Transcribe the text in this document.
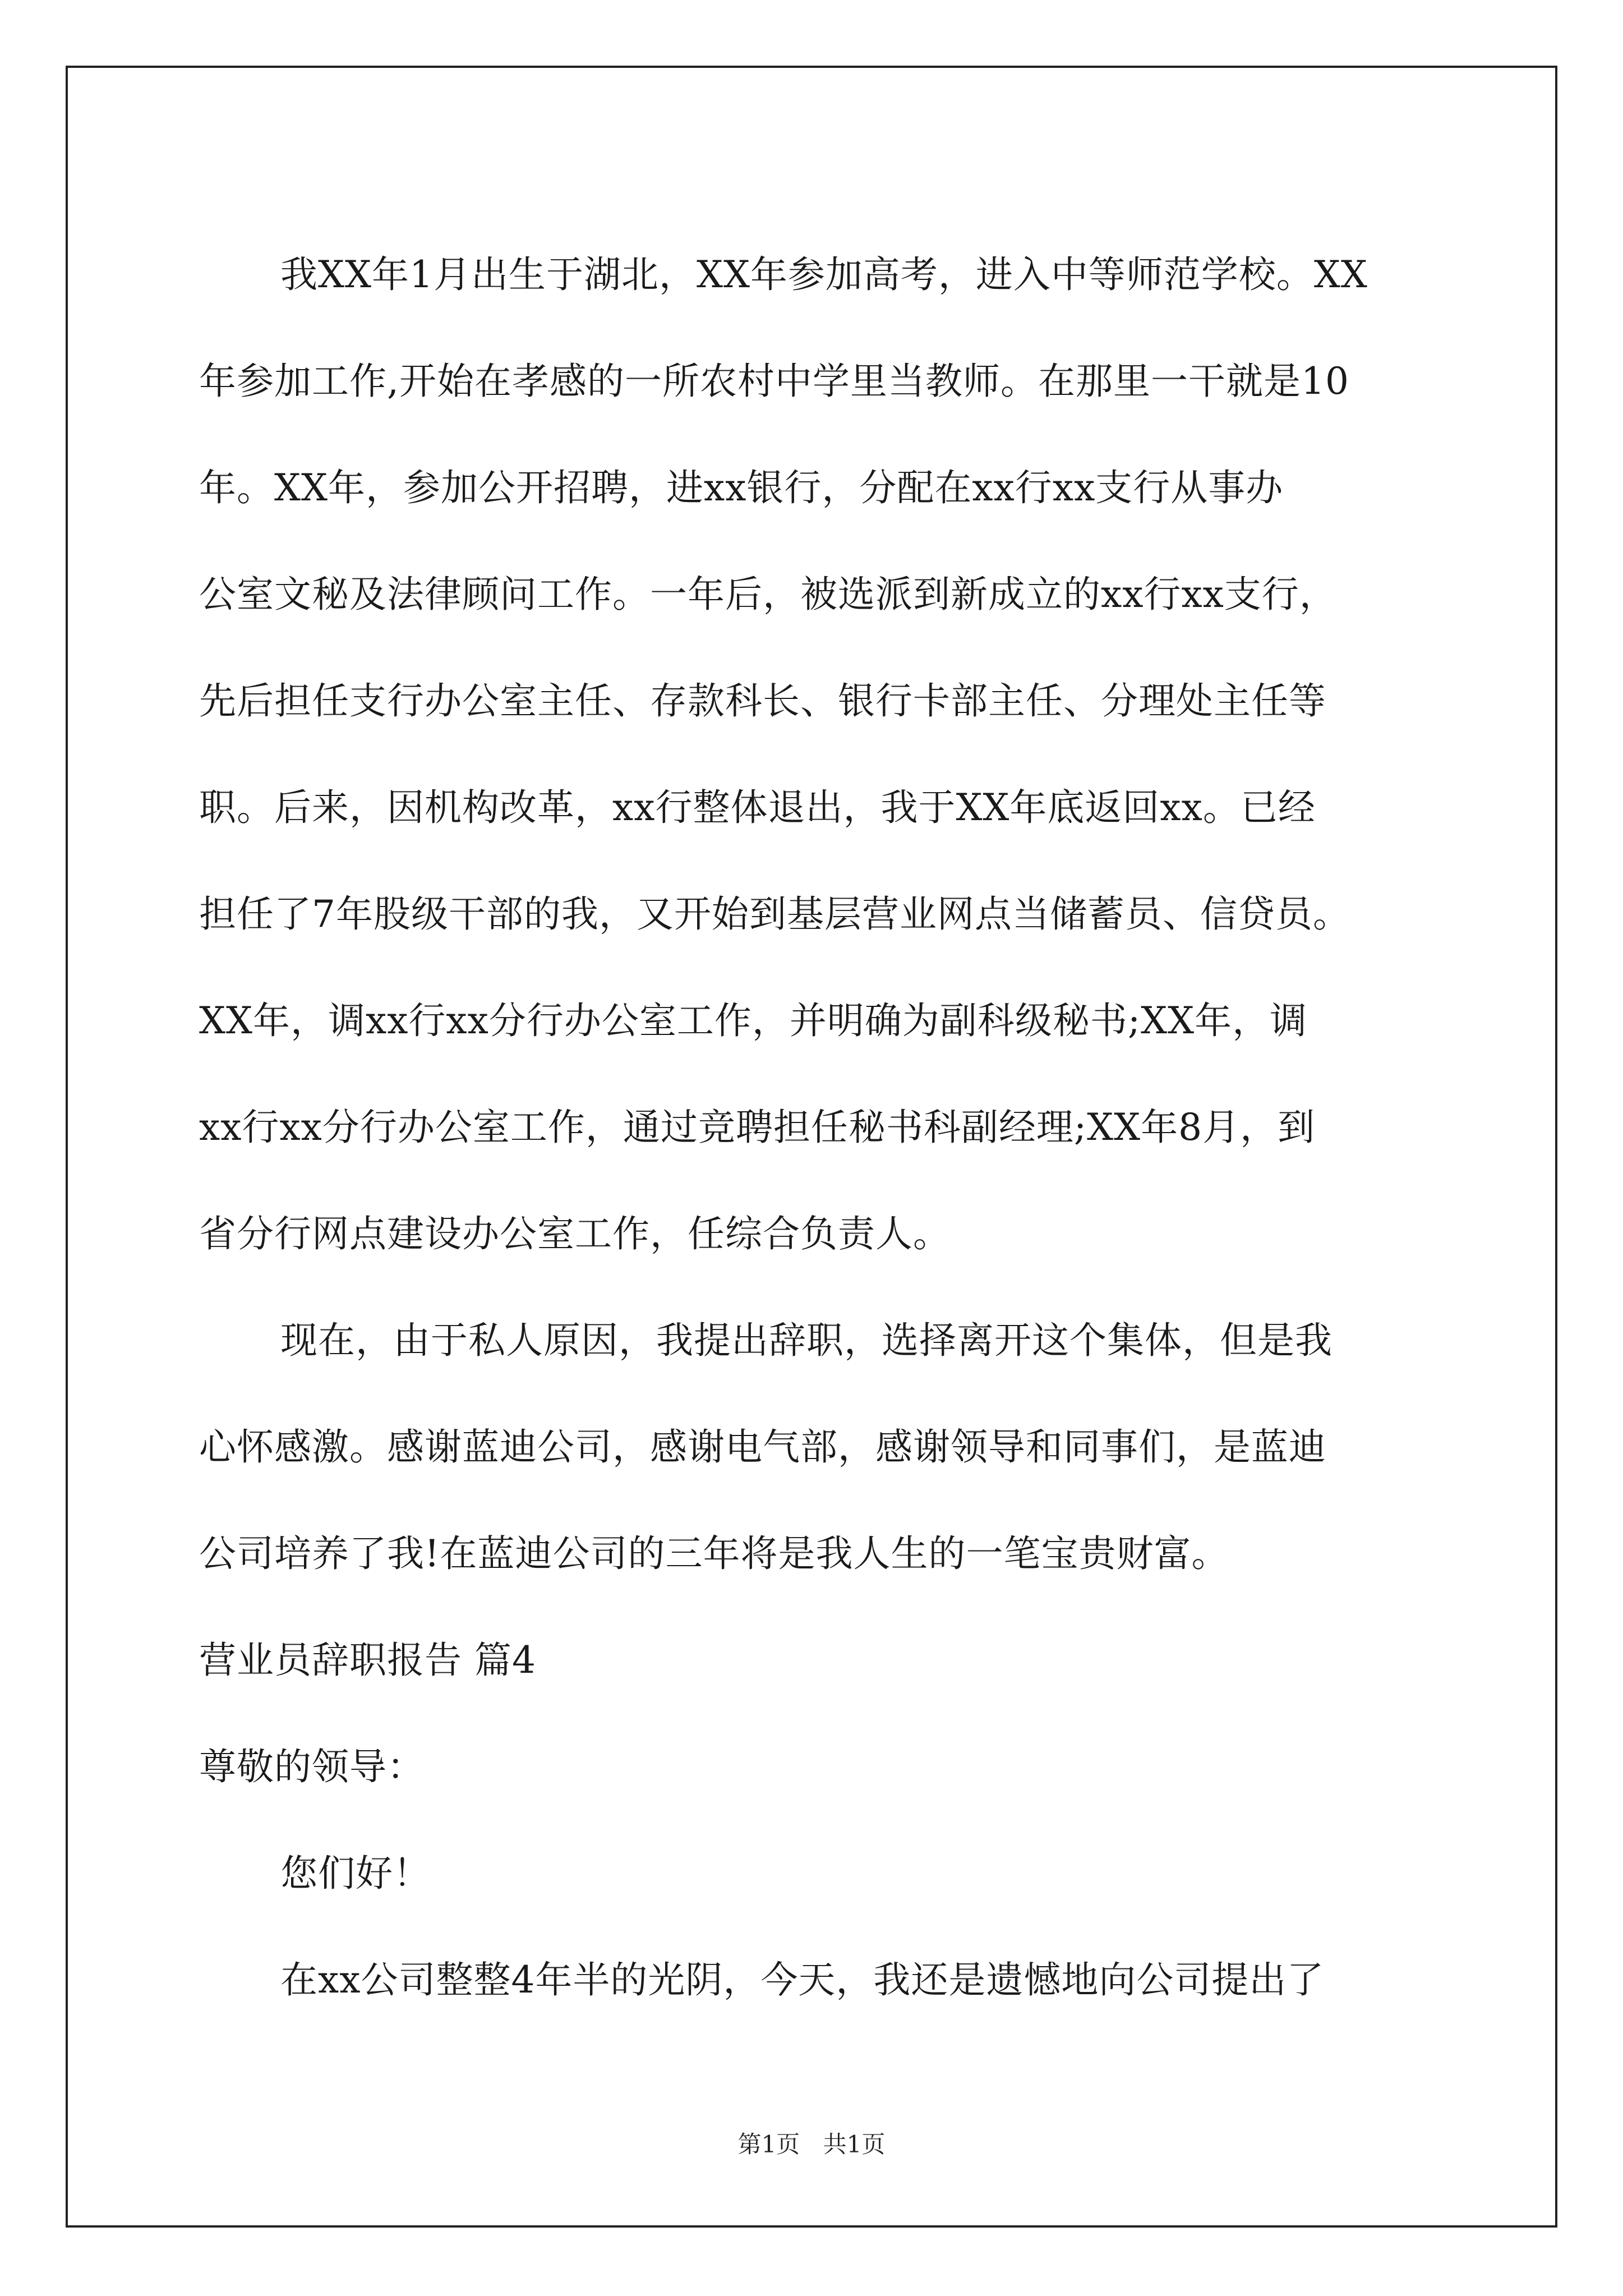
我XX年1月出生于湖北，XX年参加高考，进入中等师范学校。XX
年参加工作,开始在孝感的一所农村中学里当教师。在那里一干就是10
年。XX年，参加公开招聘，进xx银行，分配在xx行xx支行从事办
公室文秘及法律顾问工作。一年后，被选派到新成立的xx行xx支行，
先后担任支行办公室主任、存款科长、银行卡部主任、分理处主任等
职。后来，因机构改革，xx行整体退出，我于XX年底返回xx。已经
担任了7年股级干部的我，又开始到基层营业网点当储蓄员、信贷员。
XX年，调xx行xx分行办公室工作，并明确为副科级秘书;XX年，调
xx行xx分行办公室工作，通过竞聘担任秘书科副经理;XX年8月，到
省分行网点建设办公室工作，任综合负责人。
现在，由于私人原因，我提出辞职，选择离开这个集体，但是我
心怀感激。感谢蓝迪公司，感谢电气部，感谢领导和同事们，是蓝迪
公司培养了我!在蓝迪公司的三年将是我人生的一笔宝贵财富。
营业员辞职报告 篇4
尊敬的领导：
您们好！
在xx公司整整4年半的光阴，今天，我还是遗憾地向公司提出了
第1页 共1页
